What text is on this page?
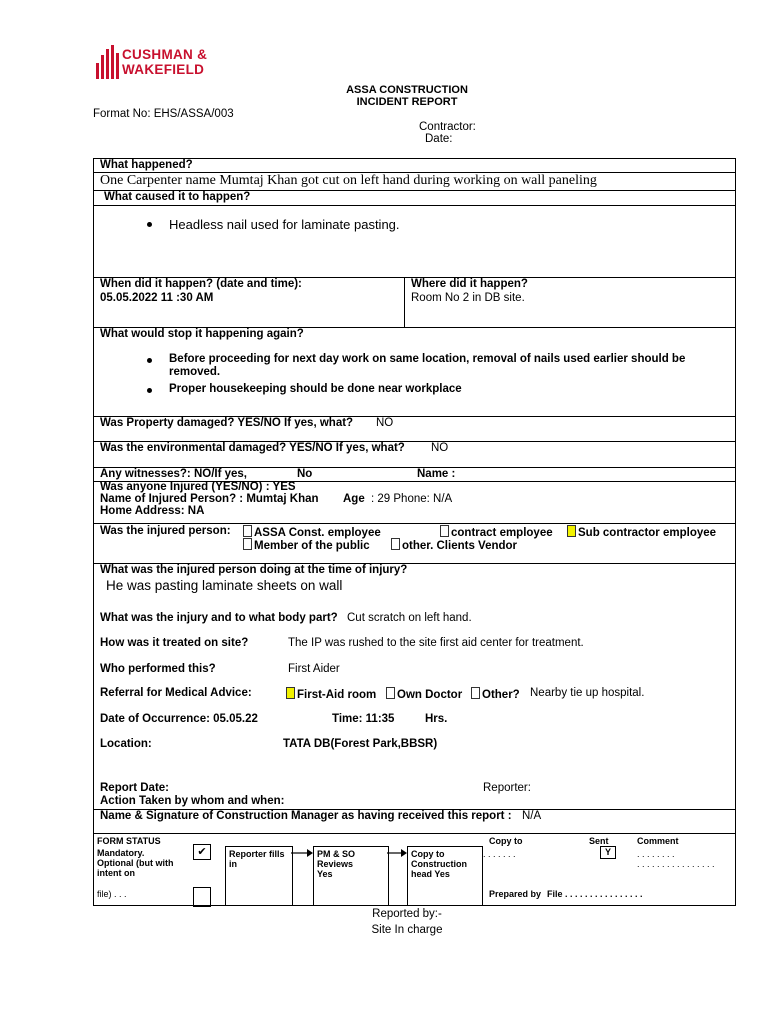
CUSHMAN &
WAKEFIELD
ASSA CONSTRUCTION
INCIDENT REPORT
Format No: EHS/ASSA/003
Contractor:
Date:
What happened?
One Carpenter name Mumtaj Khan got cut on left hand during working on wall paneling
What caused it to happen?
Headless nail used for laminate pasting.
When did it happen? (date and time):
05.05.2022 11 :30 AM
Where did it happen?
Room No 2 in DB site.
What would stop it happening again?
Before proceeding for next day work on same location, removal of nails used earlier should be removed.
Proper housekeeping should be done near workplace
Was Property damaged? YES/NO If yes, what? NO
Was the environmental damaged? YES/NO If yes, what? NO
Any witnesses?: NO/If yes,	No	Name :
Was anyone Injured (YES/NO) : YES
Name of Injured Person? : Mumtaj Khan Age : 29 Phone: N/A
Home Address: NA
Was the injured person:	ASSA Const. employee	contract employee	Sub contractor employee
Member of the public	other. Clients Vendor
What was the injured person doing at the time of injury?
He was pasting laminate sheets on wall
What was the injury and to what body part? Cut scratch on left hand.
How was it treated on site?	The IP was rushed to the site first aid center for treatment.
Who performed this?	First Aider
Referral for Medical Advice:	First-Aid room	Own Doctor	Other? Nearby tie up hospital.
Date of Occurrence: 05.05.22	Time: 11:35	Hrs.
Location:	TATA DB(Forest Park,BBSR)
Report Date:	Reporter:
Action Taken by whom and when:
Name & Signature of Construction Manager as having received this report : N/A
FORM STATUS
Mandatory.
Optional (but with intent on
file) . . .
✔	Reporter fills in
PM & SO Reviews Yes
Copy to Construction head Yes
Copy to
. . . . . . .
Sent
Y
Comment
. . . . . . . .
. . . . . . . . . . . . . . . .
Prepared by File . . . . . . . . . . . . . . . .
Reported by:-
Site In charge
